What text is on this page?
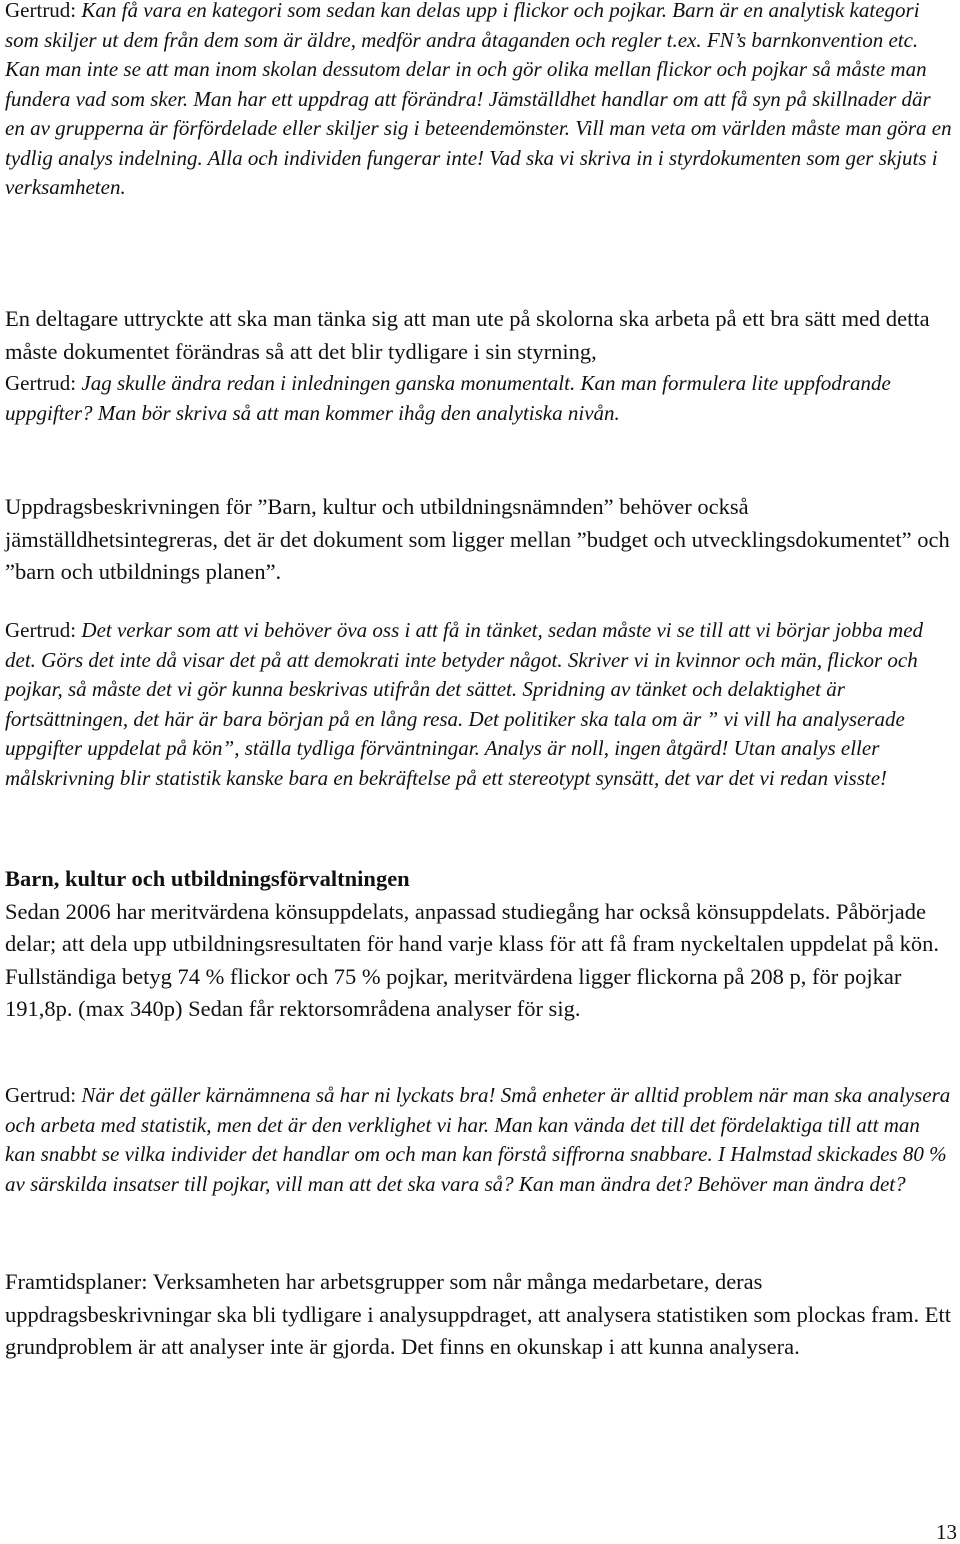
Gertrud: Kan få vara en kategori som sedan kan delas upp i flickor och pojkar. Barn är en analytisk kategori som skiljer ut dem från dem som är äldre, medför andra åtaganden och regler t.ex. FN’s barnkonvention etc. Kan man inte se att man inom skolan dessutom delar in och gör olika mellan flickor och pojkar så måste man fundera vad som sker. Man har ett uppdrag att förändra! Jämställdhet handlar om att få syn på skillnader där en av grupperna är förfördelade eller skiljer sig i beteendemönster. Vill man veta om världen måste man göra en tydlig analys indelning. Alla och individen fungerar inte! Vad ska vi skriva in i styrdokumenten som ger skjuts i verksamheten.

En deltagare uttryckte att ska man tänka sig att man ute på skolorna ska arbeta på ett bra sätt med detta måste dokumentet förändras så att det blir tydligare i sin styrning,

Gertrud: Jag skulle ändra redan i inledningen ganska monumentalt. Kan man formulera lite uppfodrande uppgifter? Man bör skriva så att man kommer ihåg den analytiska nivån.

Uppdragsbeskrivningen för ”Barn, kultur och utbildningsnämnden” behöver också jämställdhetsintegreras, det är det dokument som ligger mellan ”budget och utvecklingsdokumentet” och ”barn och utbildnings planen”.

Gertrud: Det verkar som att vi behöver öva oss i att få in tänket, sedan måste vi se till att vi börjar jobba med det. Görs det inte då visar det på att demokrati inte betyder något. Skriver vi in kvinnor och män, flickor och pojkar, så måste det vi gör kunna beskrivas utifrån det sättet. Spridning av tänket och delaktighet är fortsättningen, det här är bara början på en lång resa. Det politiker ska tala om är ” vi vill ha analyserade uppgifter uppdelat på kön”, ställa tydliga förväntningar. Analys är noll, ingen åtgärd! Utan analys eller målskrivning blir statistik kanske bara en bekräftelse på ett stereotypt synsätt, det var det vi redan visste!

Barn, kultur och utbildningsförvaltningen
Sedan 2006 har meritvärdena könsuppdelats, anpassad studiegång har också könsuppdelats. Påbörjade delar; att dela upp utbildningsresultaten för hand varje klass för att få fram nyckeltalen uppdelat på kön. Fullständiga betyg 74 % flickor och 75 % pojkar, meritvärdena ligger flickorna på 208 p, för pojkar 191,8p. (max 340p) Sedan får rektorsområdena analyser för sig.

Gertrud: När det gäller kärnämnena så har ni lyckats bra! Små enheter är alltid problem när man ska analysera och arbeta med statistik, men det är den verklighet vi har. Man kan vända det till det fördelaktiga till att man kan snabbt se vilka individer det handlar om och man kan förstå siffrorna snabbare. I Halmstad skickades 80 % av särskilda insatser till pojkar, vill man att det ska vara så? Kan man ändra det? Behöver man ändra det?

Framtidsplaner: Verksamheten har arbetsgrupper som når många medarbetare, deras uppdragsbeskrivningar ska bli tydligare i analysuppdraget, att analysera statistiken som plockas fram. Ett grundproblem är att analyser inte är gjorda. Det finns en okunskap i att kunna analysera.

13
